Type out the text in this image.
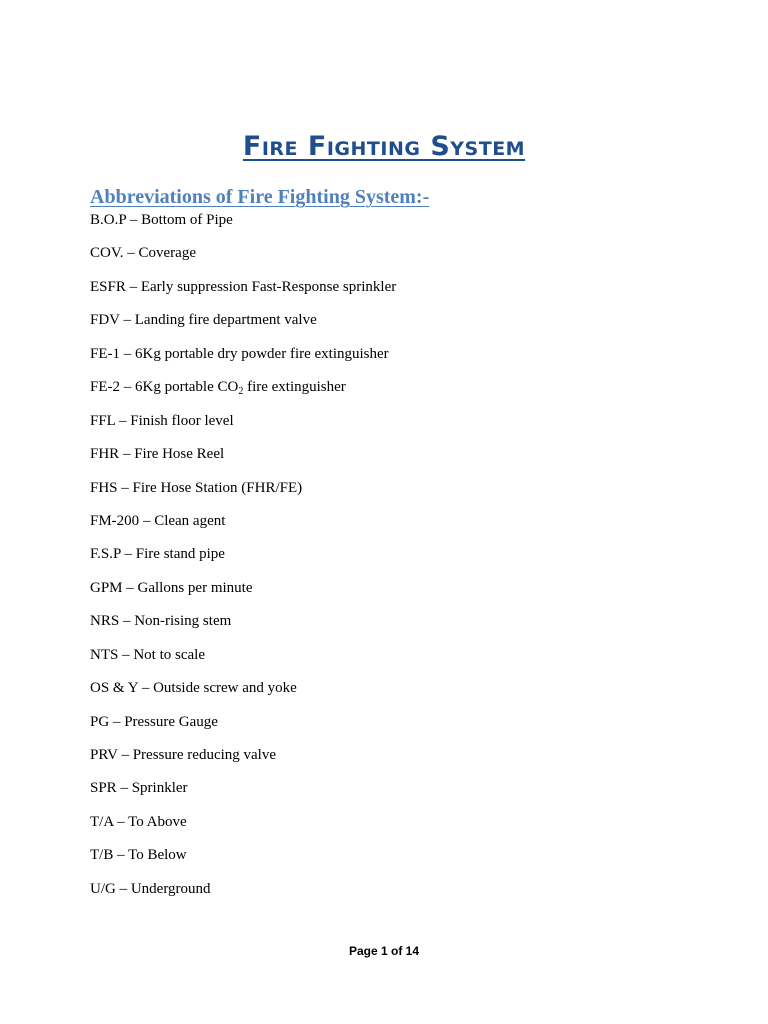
Fire Fighting System
Abbreviations of Fire Fighting System:-
B.O.P – Bottom of Pipe
COV. – Coverage
ESFR – Early suppression Fast-Response sprinkler
FDV – Landing fire department valve
FE-1 – 6Kg portable dry powder fire extinguisher
FE-2 – 6Kg portable $CO_2$ fire extinguisher
FFL – Finish floor level
FHR – Fire Hose Reel
FHS – Fire Hose Station (FHR/FE)
FM-200 – Clean agent
F.S.P – Fire stand pipe
GPM – Gallons per minute
NRS – Non-rising stem
NTS – Not to scale
OS & Y – Outside screw and yoke
PG – Pressure Gauge
PRV – Pressure reducing valve
SPR – Sprinkler
T/A – To Above
T/B – To Below
U/G – Underground
Page 1 of 14
